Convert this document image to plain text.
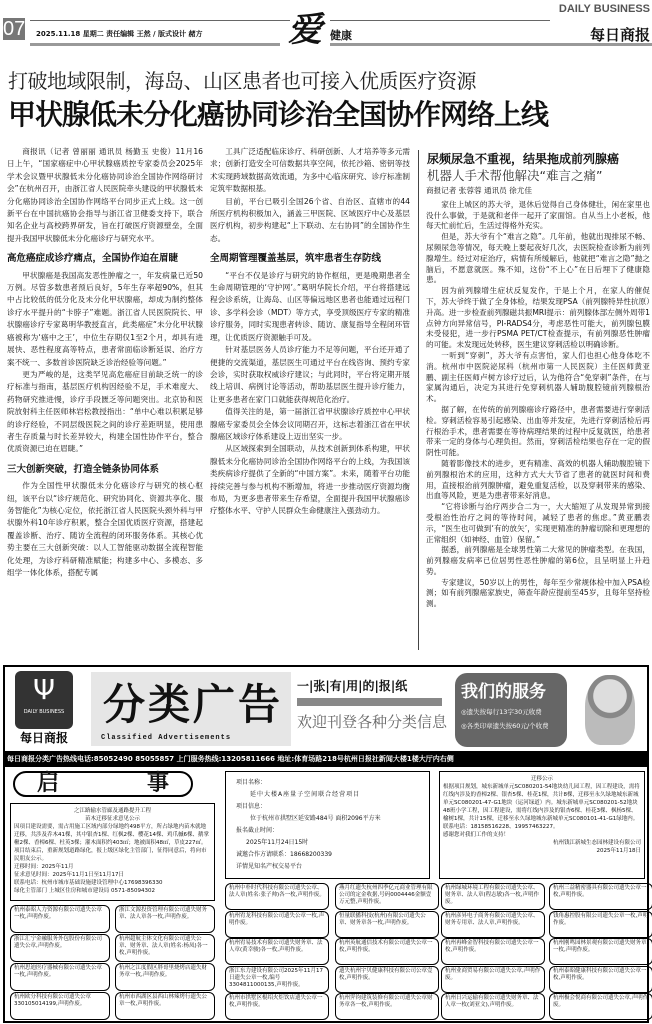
07 2025.11.18 星期二 责任编辑 王然 / 版式设计 赭方	爱 健康
DAILY BUSINESS
每日商报
打破地域限制，海岛、山区患者也可接入优质医疗资源
甲状腺低未分化癌协同诊治全国协作网络上线

商报讯（记者 曾丽丽 通讯员 杨勤玉 史俊）11月16日上午，“国家癌症中心甲状腺癌质控专家委员会2025年学术会议暨甲状腺低未分化癌协同诊治全国协作网络研讨会”在杭州召开，由浙江省人民医院牵头建设的甲状腺低未分化癌协同诊治全国协作网络平台同步正式上线。这一创新平台在中国抗癌协会指导与浙江省卫健委支持下，联合知名企业与高校跨界研发，旨在打破医疗资源壁垒，全面提升我国甲状腺低未分化癌诊疗与研究水平。

高危癌症成诊疗痛点，全国协作迫在眉睫

甲状腺癌是我国高发恶性肿瘤之一，年发病量已近50万例。尽管多数患者预后良好，5年生存率超90%，但其中占比较低的低分化及未分化甲状腺癌，却成为制约整体诊疗水平提升的“卡脖子”难题。浙江省人民医院院长、甲状腺癌诊疗专家葛明华教授直言，此类癌症“未分化甲状腺癌被称为‘癌中之王’，中位生存期仅1至2个月，却具有进展快、恶性程度高等特点，患者常面临诊断延误、治疗方案不统一、多数首诊医院缺乏诊治经验等问题。”

更为严峻的是，这类罕见高危癌症目前缺乏统一的诊疗标准与指南，基层医疗机构因经验不足，手术难度大、药物研究推进慢，诊疗手段匮乏等问题突出。北京协和医院放射科主任医师林岩松教授指出：“单中心难以积累足够的诊疗经验，不同层级医院之间的诊疗差距明显，使用患者生存质量与时长差异较大，构建全国性协作平台，整合优质资源已迫在眉睫。”

三大创新突破，打造全链条协同体系

作为全国性甲状腺低未分化癌诊疗与研究的核心枢纽，该平台以“诊疗规范化、研究协同化、资源共享化、服务智能化”为核心定位，依托浙江省人民医院头颈外科与甲状腺外科10年诊疗积累，整合全国优质医疗资源，搭建起覆盖诊断、治疗、随访全流程的闭环服务体系。其核心优势主要在三大创新突破：以人工智能驱动数据全流程智能化处理，为诊疗科研精准赋能；构建多中心、多模态、多组学一体化体系，搭配专属

工具广泛适配临床诊疗、科研创新、人才培养等多元需求；创新打造安全可信数据共享空间，依托沙箱、密钥等技术实现跨域数据高效流通，为多中心临床研究、诊疗标准制定筑牢数据根基。

目前，平台已吸引全国26个省、自治区、直辖市的44所医疗机构积极加入，涵盖三甲医院、区域医疗中心及基层医疗机构，初步构建起“上下联动、左右协同”的全国协作生态。

全周期管理覆盖基层，筑牢患者生存防线

“平台不仅是诊疗与研究的协作枢纽，更是晚期患者全生命周期管理的‘守护网’。”葛明华院长介绍，平台将搭建远程会诊系统，让海岛、山区等偏远地区患者也能通过远程门诊、多学科会诊（MDT）等方式，享受顶级医疗专家的精准诊疗服务，同时实现患者转诊、随访、康复指导全程闭环管理，让优质医疗资源触手可及。

针对基层医务人员诊疗能力不足等问题，平台还开通了便捷的交流渠道，基层医生可通过平台在线咨询、预约专家会诊，实时获取权威诊疗建议；与此同时，平台将定期开展线上培训、病例讨论等活动，帮助基层医生提升诊疗能力，让更多患者在家门口就能获得规范化治疗。

值得关注的是，第一届浙江省甲状腺诊疗质控中心甲状腺癌专家委员会全体会议同期召开，这标志着浙江省在甲状腺癌区域诊疗体系建设上迈出坚实一步。

从区域探索到全国联动，从技术创新到体系构建，甲状腺低未分化癌协同诊治全国协作网络平台的上线，为我国该类疾病诊疗提供了全新的“中国方案”。未来，随着平台功能持续完善与参与机构不断增加，将进一步推动医疗资源均衡布局，为更多患者带来生存希望，全面提升我国甲状腺癌诊疗整体水平、守护人民群众生命健康注入强劲动力。

尿频尿急不重视，结果拖成前列腺癌
机器人手术帮他解决“难言之痛”
商报记者 张蓉蓉 通讯员 徐尤佳

家住上城区的苏大爷，退休后觉得自己身体健壮，闲在家里也没什么事做，于是就和老伴一起开了家面馆。自从当上小老板，他每天忙前忙后，生活过得格外充实。

但是，苏大爷有个“难言之隐”。几年前，他就出现排尿不畅、尿频尿急等情况，每天晚上要起夜好几次，去医院检查诊断为前列腺增生。经过对症治疗，病情有所缓解后，他就把“难言之隐”抛之脑后，不愿意就医。殊不知，这份“不上心”在日后埋下了健康隐患。

因为前列腺增生症状反复发作，于是上个月，在家人的催促下，苏大爷终于做了全身体检，结果发现PSA（前列腺特异性抗原）升高。进一步检查前列腺磁共振MRI提示：前列腺体部左侧外周带1点钟方向异常信号，PI-RADS4分，考虑恶性可能大，前列腺包膜未受侵犯，进一步行PSMA PET/CT检查提示，有前列腺恶性肿瘤的可能。未发现远处转移，医生建议穿刺活检以明确诊断。

一听到“穿刺”，苏大爷有点害怕，家人们也担心他身体吃不消。杭州市中医院泌尿科（杭州市第一人民医院）主任医师黄亚鹏、副主任医师卢树方诊疗过后，认为他符合“免穿刺”条件，在与家属沟通后，决定为其进行免穿刺机器人辅助腹腔镜前列腺根治术。

据了解，在传统的前列腺癌诊疗路径中，患者需要进行穿刺活检。穿刺活检容易引起感染、出血等并发症，先进行穿刺活检后再行根治手术，患者需要在等待病理结果的过程中反复就医，给患者带来一定的身体与心理负担。然而，穿刺活检结果也存在一定的假阴性可能。

随着影像技术的进步，更有精准、高效的机器人辅助腹腔镜下前列腺根治术的应用，这种方式大大节省了患者的就医时间和费用，直接根治前列腺肿瘤，避免重复活检，以及穿刺带来的感染、出血等风险，更是为患者带来好消息。

“它将诊断与治疗两步合二为一，大大缩短了从发现异常到接受根治性治疗之间的等待时间，减轻了患者的焦虑。”黄亚鹏表示，“医生也可做到‘有的放矢’，实现更精准的肿瘤切除和更理想的正常组织（如神经、血管）保留。”

据悉，前列腺癌是全球男性第二大常见的肿瘤类型。在我国，前列腺癌发病率已位居男性恶性肿瘤的第6位，且呈明显上升趋势。

专家建议，50岁以上的男性，每年至少常规体检中加入PSA检测；如有前列腺癌家族史，筛查年龄应提前至45岁，且每年坚持检测。

Ψ
DAILY BUSINESS
每日商报
分类广告
Classified Advertisements
一|张|有|用|的|报|纸
欢迎刊登各种分类信息
我们的服务
◎遗失按每行13字30元收费
◎各类印章遗失按60元/个收费
每日商报分类广告热线电话:85052490 85055857 上门服务热线:13205811666 地址:体育场路218号杭州日报社新闻大楼1楼大厅内右侧
启	事
之江路输水管廊及通路提升工程
苗木迁移征求意见公示
因项目建设需要，需占用施工区域内部分绿地约498平方，所占绿地内苗木就地迁移，共涉及乔木41棵，其中银杏1棵、红枫2棵、樱花14棵、鸡爪槭6棵、鹅掌楸2棵、香樟6棵、杜英3棵；灌木面积约403㎡；地被面积48㎡，草皮227㎡。项目结束后，重新规划道路绿化，报上级区绿化主管部门，征得同意后，将向市民朋友公示。
迁移时间：2025年11月
征求意见时间：2025年11月1日至11月17日
联系电话：杭州市城市基础设施建设管理中心17698396330
绿化主管部门 上城区住房和城市建设局 0571-85094302
项目名称：
延中大楼A座量子空间联合经营项目
项目信息：
位于杭州市拱墅区延安路484号 面积2096平方米
报名截止时间：
2025年11月24日15时
诚邀合作方请联系：18668200339
详情见知名产权交易平台
迁移公示
根据项目规划，城东新城单元SC080201-54地块幼儿园工程，因工程建设，需将红线内涉及的香樟2棵、银杏5棵、桂花1棵，共计8棵，迁移至永久绿地城东新城单元SC080201-47-G1地块（运河绿道）内。城东新城单元SC080201-52地块48班小学工程，因工程建设，需将红线内涉及的银杏6棵、桂花3棵、枫杨5棵、榆树1棵，共计15棵，迁移至永久绿地城东新城单元SC080101-41-G1绿地内。
联系电话：18158516228、19957463227。
感谢您对我们工作的支持！
杭州钱江新城生态园林建设有限公司
2025年11月18日
杭州中朴时代科技有限公司遗失公章、法人章(姓名:张子帅)各一枚,声明作废。
燕月红遗失杭州四季亿元商业管理有限公司的定金收据,号码0004446金额壹万元整,声明作废。
杭州绿城环境工程有限公司遗失公章、财务章、法人章(程志敏)各一枚,声明作废。
杭州三益精密器具有限公司遗失公章一枚,声明作废。
杭州宥龙科技有限公司遗失公章一枚,声明作废。
恒量联播科技(杭州)有限公司遗失公章、财务章各一枚,声明作废。
杭州彦昇电子商务有限公司遗失公章、财务专用章、法人章,声明作废。
钱角惠控股有限公司遗失公章一枚,声明作废。
杭州宥易技术有限公司遗失财务章、法人章(黄幸骏)各一枚,声明作废。
杭州英航通信技术有限公司遗失公章一枚,声明作废。
杭州再峰金智科技有限公司遗失公章一枚,声明作废。
杭州刚鸣园林景观有限公司遗失财务章一枚,声明作废。
浙江东力建设有限公司2025年11月17日遗失公章一枚,编号3304811000135,声明作废。
遗失杭州宇贝健康科技有限公司公章壹枚,声明作废。
杭州业商贸易有限公司遗失公章,声明作废。
杭州泰昭健康科技有限公司遗失公章一枚,声明作废。
杭州市拱墅区棍绍火炬饮店遗失公章一枚,声明作废。
杭州霁钧建筑装修有限公司遗失公章财务章各一枚,声明作废。
杭州日兴运输有限公司遗失财务章、法人章一枚(刘亚文),声明作废。
杭州极会悦商有限公司遗失公章,声明作废。
杭州泰昭人力资源有限公司遗失公章一枚,声明作废。
浙江文源投资管理有限公司遗失财务章、法人章各一枚,声明作废。
浙江汇宁金融服务外包股份有限公司遗失公章,声明作废。
杭州超航主体文化有限公司遗失公章、财务章、法人章(姓名:杨凤)各一枚,声明作废。
杭州思迪医疗器械有限公司遗失公章一枚,声明作废。
杭州之江度假区胖哥里烧烤店遗失财务章一枚,声明作废。
杭州欧分科技有限公司遗失公章330105014199,声明作废。
杭州市西湖区县西山林辣烤行遗失公章一枚,声明作废。
